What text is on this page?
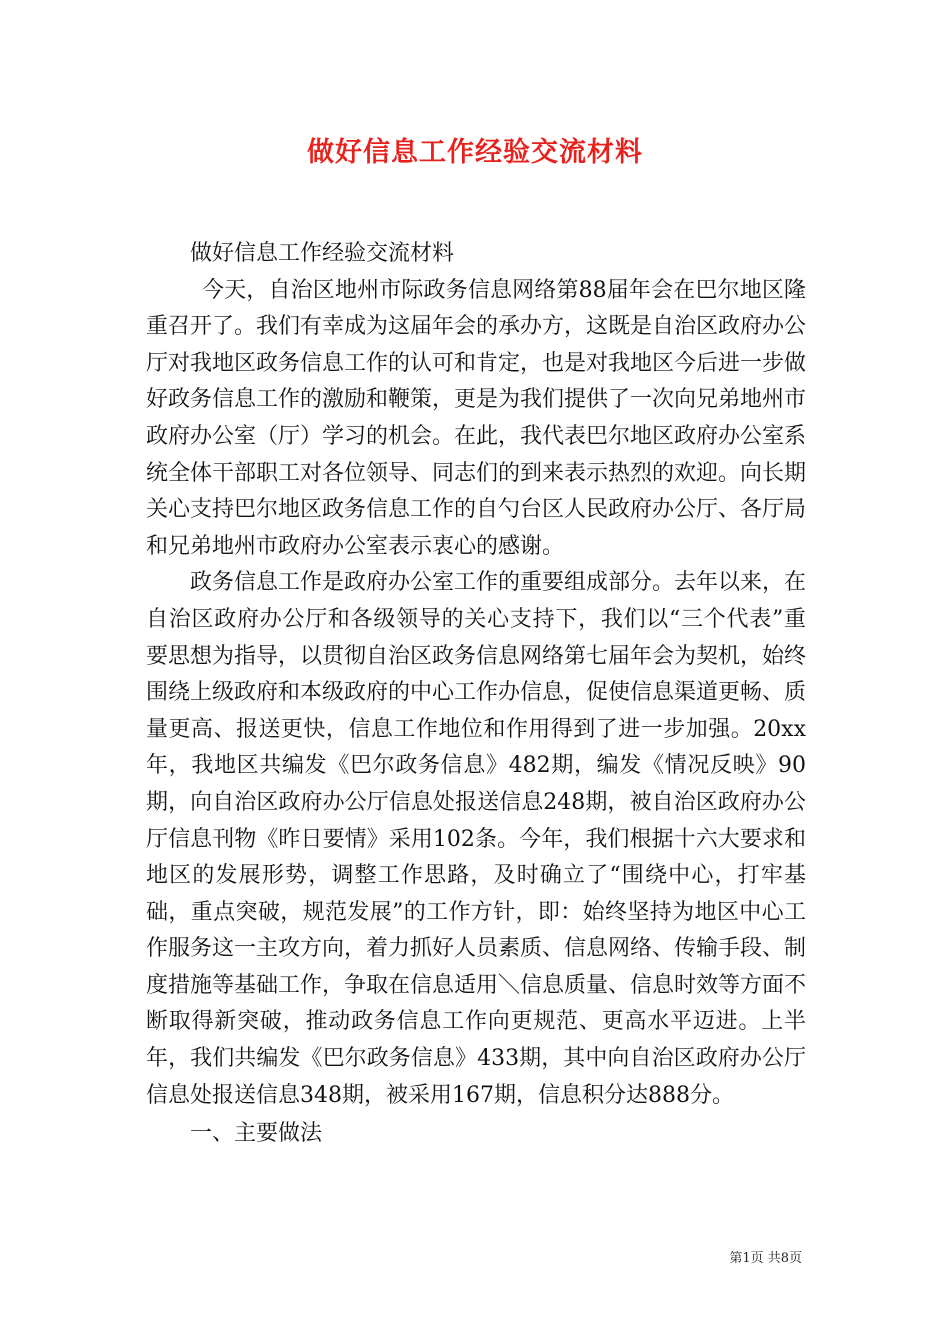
做好信息工作经验交流材料

做好信息工作经验交流材料

今天，自治区地州市际政务信息网络第88届年会在巴尔地区隆重召开了。我们有幸成为这届年会的承办方，这既是自治区政府办公厅对我地区政务信息工作的认可和肯定，也是对我地区今后进一步做好政务信息工作的激励和鞭策，更是为我们提供了一次向兄弟地州市政府办公室（厅）学习的机会。在此，我代表巴尔地区政府办公室系统全体干部职工对各位领导、同志们的到来表示热烈的欢迎。向长期关心支持巴尔地区政务信息工作的自勺台区人民政府办公厅、各厅局和兄弟地州市政府办公室表示衷心的感谢。

政务信息工作是政府办公室工作的重要组成部分。去年以来，在自治区政府办公厅和各级领导的关心支持下，我们以“三个代表”重要思想为指导，以贯彻自治区政务信息网络第七届年会为契机，始终围绕上级政府和本级政府的中心工作办信息，促使信息渠道更畅、质量更高、报送更快，信息工作地位和作用得到了进一步加强。20xx年，我地区共编发《巴尔政务信息》482期，编发《情况反映》90期，向自治区政府办公厅信息处报送信息248期，被自治区政府办公厅信息刊物《昨日要情》采用102条。今年，我们根据十六大要求和地区的发展形势，调整工作思路，及时确立了“围绕中心，打牢基础，重点突破，规范发展”的工作方针，即：始终坚持为地区中心工作服务这一主攻方向，着力抓好人员素质、信息网络、传输手段、制度措施等基础工作，争取在信息适用＼信息质量、信息时效等方面不断取得新突破，推动政务信息工作向更规范、更高水平迈进。上半年，我们共编发《巴尔政务信息》433期，其中向自治区政府办公厅信息处报送信息348期，被采用167期，信息积分达888分。

一、主要做法

第1页 共8页
